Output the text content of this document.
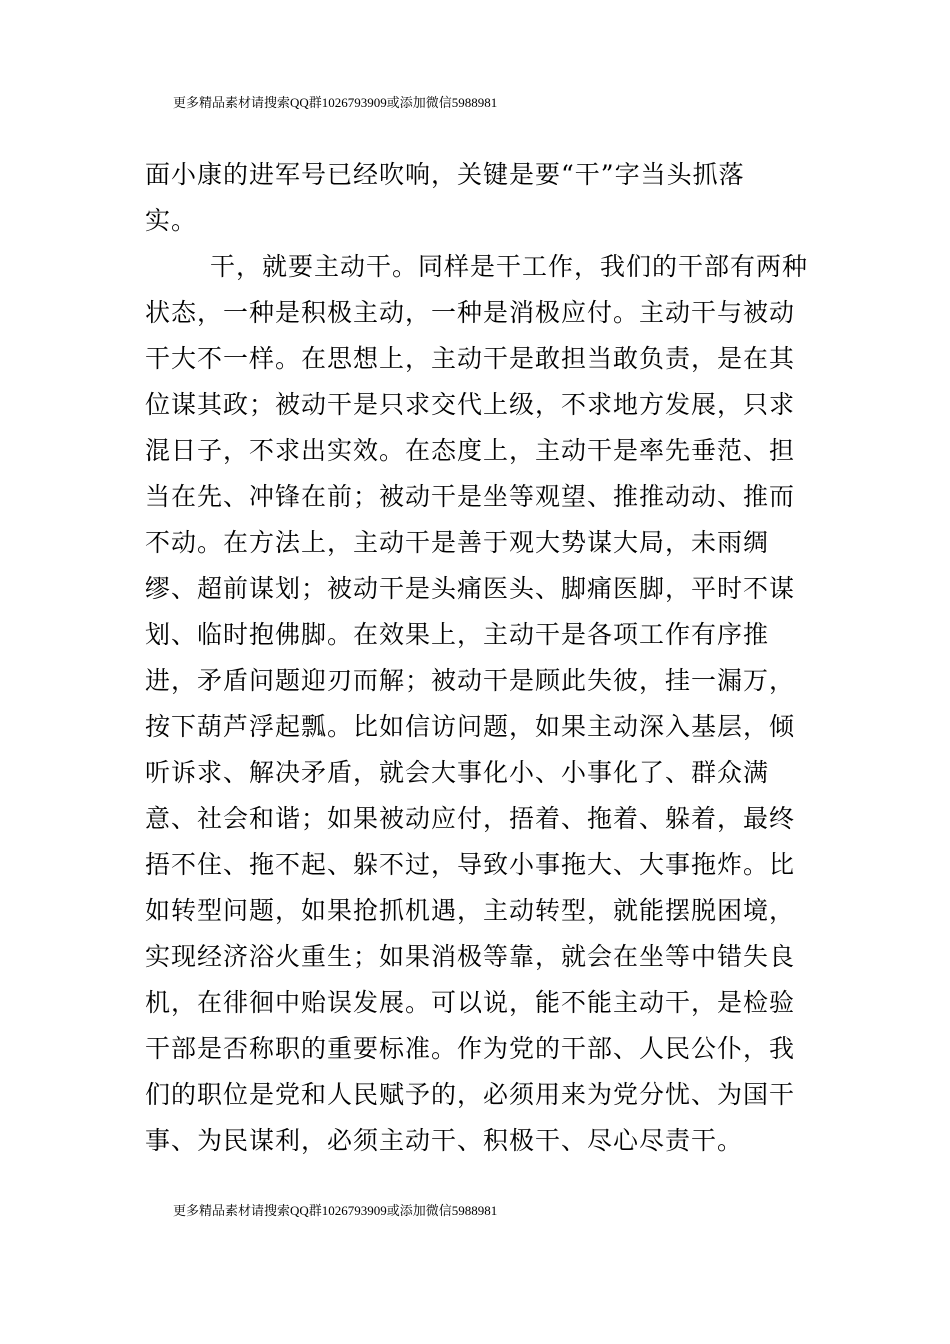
更多精品素材请搜索QQ群1026793909或添加微信5988981
面小康的进军号已经吹响，关键是要“干”字当头抓落
实。
干，就要主动干。同样是干工作，我们的干部有两种
状态，一种是积极主动，一种是消极应付。主动干与被动
干大不一样。在思想上，主动干是敢担当敢负责，是在其
位谋其政；被动干是只求交代上级，不求地方发展，只求
混日子，不求出实效。在态度上，主动干是率先垂范、担
当在先、冲锋在前；被动干是坐等观望、推推动动、推而
不动。在方法上，主动干是善于观大势谋大局，未雨绸
缪、超前谋划；被动干是头痛医头、脚痛医脚，平时不谋
划、临时抱佛脚。在效果上，主动干是各项工作有序推
进，矛盾问题迎刃而解；被动干是顾此失彼，挂一漏万，
按下葫芦浮起瓢。比如信访问题，如果主动深入基层，倾
听诉求、解决矛盾，就会大事化小、小事化了、群众满
意、社会和谐；如果被动应付，捂着、拖着、躲着，最终
捂不住、拖不起、躲不过，导致小事拖大、大事拖炸。比
如转型问题，如果抢抓机遇，主动转型，就能摆脱困境，
实现经济浴火重生；如果消极等靠，就会在坐等中错失良
机，在徘徊中贻误发展。可以说，能不能主动干，是检验
干部是否称职的重要标准。作为党的干部、人民公仆，我
们的职位是党和人民赋予的，必须用来为党分忧、为国干
事、为民谋利，必须主动干、积极干、尽心尽责干。
更多精品素材请搜索QQ群1026793909或添加微信5988981
